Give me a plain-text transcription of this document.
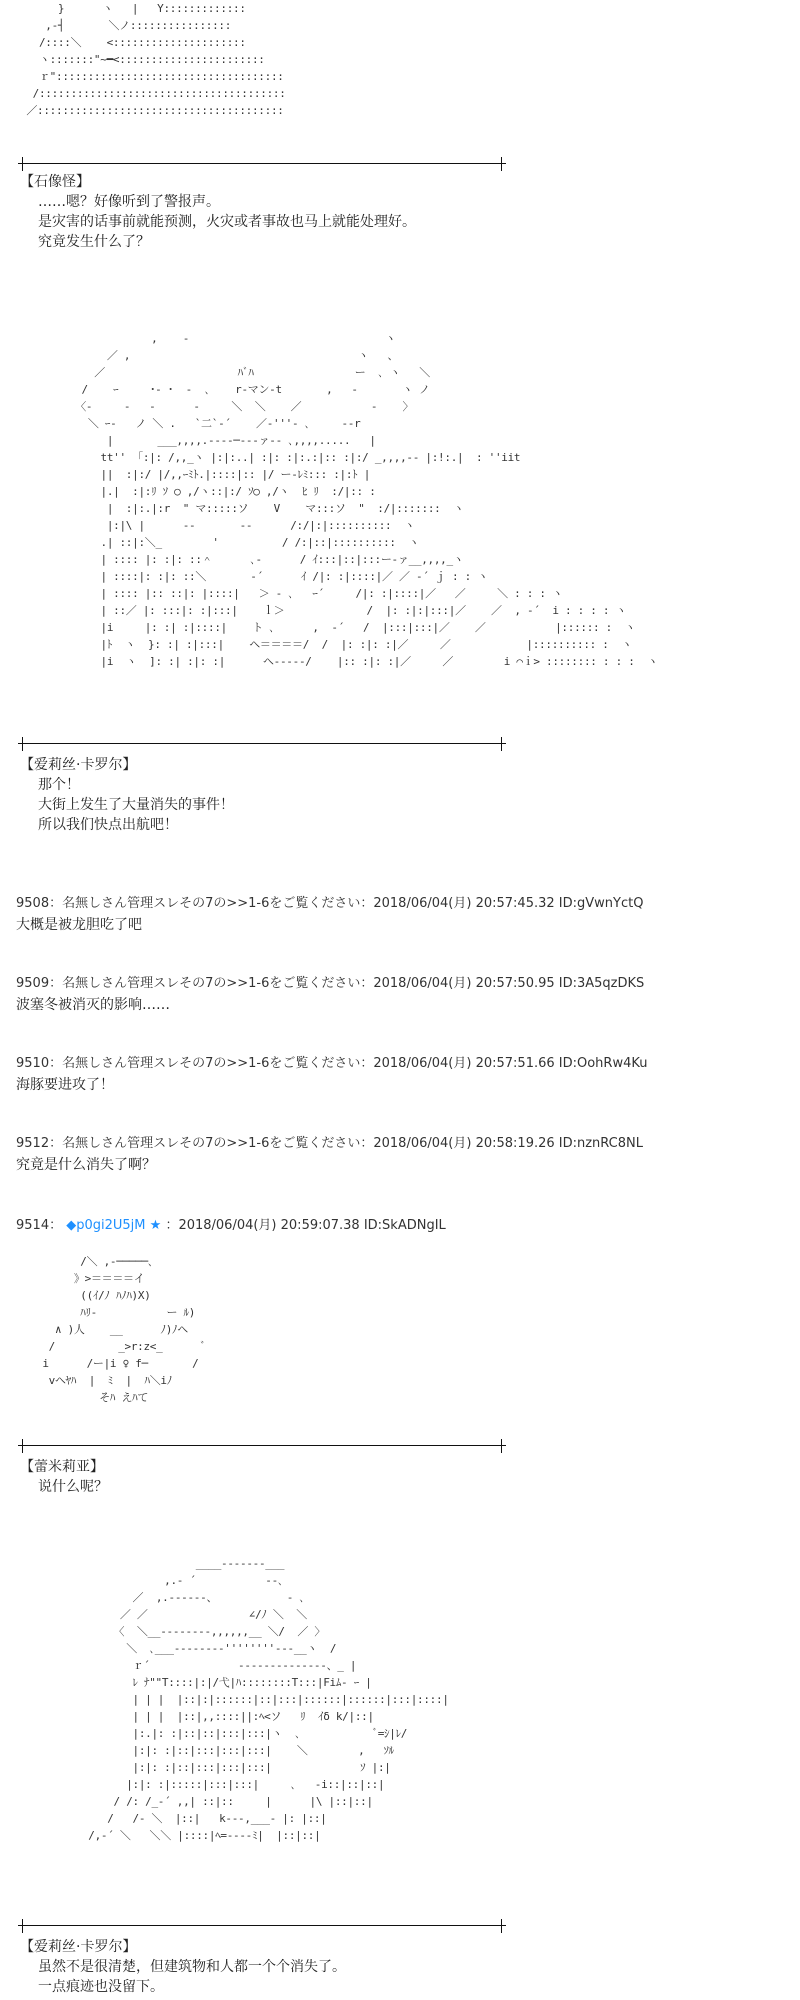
}      ヽ   |   Y:::::::::::::
,-┤       ＼ノ::::::::::::::::
/::::＼    <:::::::::::::::::::::
ヽ:::::::"~━<:::::::::::::::::::::::
ｒ"::::::::::::::::::::::::::::::::::::
/:::::::::::::::::::::::::::::::::::::::
／:::::::::::::::::::::::::::::::::::::::
【石像怪】
……嗯？好像听到了警报声。
是灾害的话事前就能预测，火灾或者事故也马上就能处理好。
究竟发生什么了？
,    ‐                               ヽ
／ ,                                    ヽ   、
／                     ﾊﾞﾊ                ー  ､ ヽ   ＼
/    ｰ     ･‐ ･  -  ､    r‐マン‐t       ,   ‐       ヽ ノ
〈‐     ‐   ‐      ‐     ＼  ＼    ／           ‐    〉
＼ ｰ‐   ノ ＼ .   `二`‐´    ／‐'''‐ ､     ‐‐r
|       ___,,,,.----─--‐ァ-- ､,,,,.....   |
tt'' 「:|: /,,_ヽ |:|:..| :|: :|:.:|:: :|:/ _,,,,-‐ |:!:.|  : ''iit
||  :|:/ |/,,ｰﾐﾄ.|::::|:: |/ ー-ﾚﾐ::: :|:ﾄ |
|.|  :|:ﾘ ｿ ○ ,/ヽ::|:/ ｿ○ ,/ヽ  ﾋ ﾘ  :/|:: :
|  :|:.|:r  " マ:::::ソ    V    マ:::ソ  "  :/|:::::::  ヽ
|:|\ |      ‐‐       ‐‐      /:/|:|::::::::::  ヽ
.| ::|:＼_        '          / /:|::|::::::::::  ヽ
| :::: |: :|: ::＾      ､‐      / ｲ:::|::|:::ー‐ァ__,,,,_ヽ
| ::::|: :|: ::＼       ‐´      ｲ /|: :|::::|／ ／ ‐´ ｊ : : ヽ
| :::: |:: ::|: |::::|   ＞ ‐ ､   ｰ´     /|: :|::::|／   ／     ＼ : : : ヽ
| ::／ |: :::|: :|:::|    ｌ＞             /  |: :|:|:::|／    ／  , ‐´  i : : : : ヽ
|i     |: :| :|::::|    ト ､      ,  ‐´   /  |:::|:::|／    ／           |:::::: :  ヽ
|ﾄ  ヽ  }: :| :|:::|    ヘ＝＝＝＝/  /  |: :|: :|／     ／            |:::::::::: :  ヽ
|i  ヽ  ]: :| :|: :|      ヘ-‐‐‐‐/    |:: :|: :|／     ／        i ⌒ｉ> :::::::: : : :  ヽ
【爱莉丝·卡罗尔】
那个！
大街上发生了大量消失的事件！
所以我们快点出航吧！
9508：名無しさん管理スレその7の>>1-6をご覧ください：2018/06/04(月) 20:57:45.32 ID:gVwnYctQ
大概是被龙胆吃了吧
9509：名無しさん管理スレその7の>>1-6をご覧ください：2018/06/04(月) 20:57:50.95 ID:3A5qzDKS
波塞冬被消灭的影响……
9510：名無しさん管理スレその7の>>1-6をご覧ください：2018/06/04(月) 20:57:51.66 ID:OohRw4Ku
海豚要进攻了！
9512：名無しさん管理スレその7の>>1-6をご覧ください：2018/06/04(月) 20:58:19.26 ID:nznRC8NL
究竟是什么消失了啊？
9514： ◆p0gi2U5jM ★ ：2018/06/04(月) 20:59:07.38 ID:SkADNgIL
/＼ ,-─────､
》>＝＝＝＝イ
((ｲ/ﾉ ﾊﾉﾊ)X)
ﾊﾘ‐           ー ﾙ)
∧ )人    __      ﾉ)ﾉヘ
/          _>r:z<_      ﾞ
i      /ー|i ♀ f─       /
vヘﾔﾊ  |  ﾐ  |  ﾊ＼iﾉ
そﾊ えﾊて
【蕾米莉亚】
说什么呢？
____‐‐‐‐‐‐‐___
,.‐ ´           ‐-､
／  ,.‐‐‐‐‐-、           ‐ ､
／ ／                ∠/ﾉ ＼  ＼
〈  ＼__‐‐‐‐‐‐‐‐,,,,,,__ ＼/  ／ 〉
＼  ､___‐‐‐‐‐‐‐‐''''''''‐‐‐__ヽ  /
ｒ´              ‐‐‐‐‐‐‐‐‐‐‐‐‐‐、_ |
ﾚ ﾅ""T::::|:|/弋|ﾊ::::::::T:::|Fiﾑ- ｰ |
| | |  |::|:|::::::|::|:::|::::::|::::::|:::|::::|
| | |  |::|,,::::||:ﾍ<ソ   ﾘ  ｲδ k/|::|
|:.|: :|::|::|:::|:::|ヽ  ､            ﾞ=ｼ|ﾚ/
|:|: :|::|:::|:::|:::|    ＼        ,   ｿﾙ
|:|: :|::|:::|:::|:::|              ｿ |:|
|:|: :|:::::|:::|:::|     ､   -i::|::|::|
/ /: /_-´ ,,| ::|::     |      |\ |::|::|
/   /‐ ＼  |::|   k‐‐‐,___‐ |: |::|
/,-´ ＼   ＼＼ |::::|ﾍ=‐‐‐‐ﾐ|  |::|::|
【爱莉丝·卡罗尔】
虽然不是很清楚，但建筑物和人都一个个消失了。
一点痕迹也没留下。
